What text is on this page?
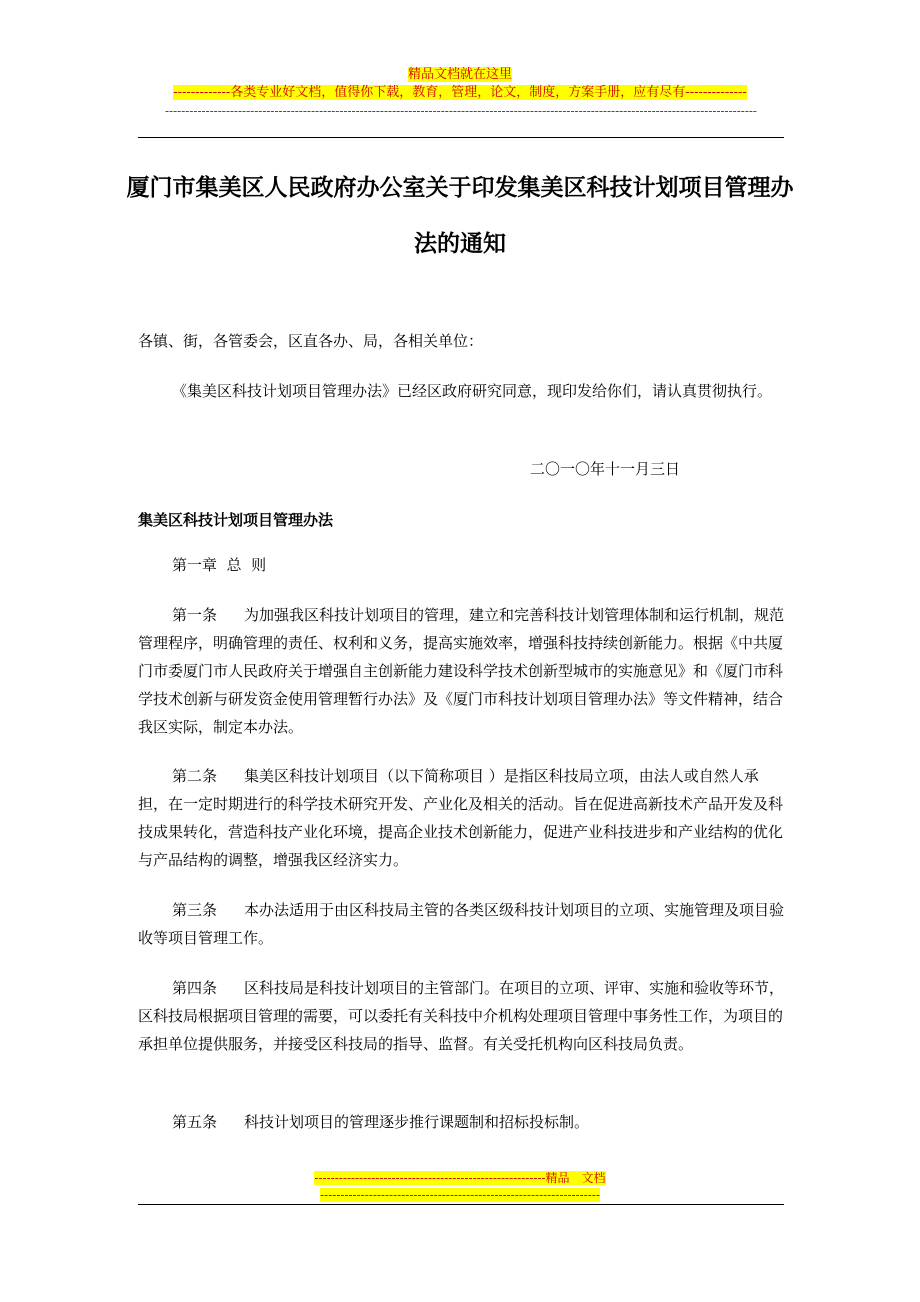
精品文档就在这里
-------------各类专业好文档，值得你下载，教育，管理，论文，制度，方案手册，应有尽有--------------
--------------------------------------------------------------------------------------------------------------------------------------------------
厦门市集美区人民政府办公室关于印发集美区科技计划项目管理办法的通知
各镇、街，各管委会，区直各办、局，各相关单位：
《集美区科技计划项目管理办法》已经区政府研究同意，现印发给你们，请认真贯彻执行。
二〇一〇年十一月三日
集美区科技计划项目管理办法
第一章  总  则
第一条 为加强我区科技计划项目的管理，建立和完善科技计划管理体制和运行机制，规范管理程序，明确管理的责任、权利和义务，提高实施效率，增强科技持续创新能力。根据《中共厦门市委厦门市人民政府关于增强自主创新能力建设科学技术创新型城市的实施意见》和《厦门市科学技术创新与研发资金使用管理暂行办法》及《厦门市科技计划项目管理办法》等文件精神，结合我区实际，制定本办法。
第二条 集美区科技计划项目（以下简称项目 ）是指区科技局立项，由法人或自然人承担，在一定时期进行的科学技术研究开发、产业化及相关的活动。旨在促进高新技术产品开发及科技成果转化，营造科技产业化环境，提高企业技术创新能力，促进产业科技进步和产业结构的优化与产品结构的调整，增强我区经济实力。
第三条 本办法适用于由区科技局主管的各类区级科技计划项目的立项、实施管理及项目验收等项目管理工作。
第四条 区科技局是科技计划项目的主管部门。在项目的立项、评审、实施和验收等环节，区科技局根据项目管理的需要，可以委托有关科技中介机构处理项目管理中事务性工作，为项目的承担单位提供服务，并接受区科技局的指导、监督。有关受托机构向区科技局负责。
第五条 科技计划项目的管理逐步推行课题制和招标投标制。
---------------------------------------------------------精品　文档
---------------------------------------------------------------------
